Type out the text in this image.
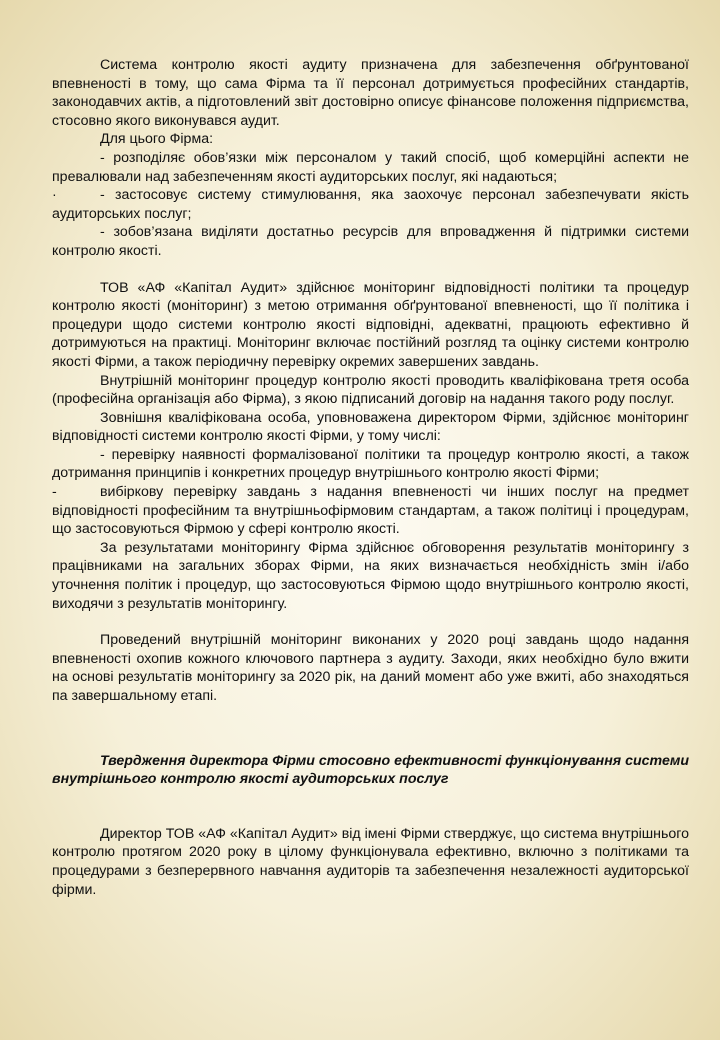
Система контролю якості аудиту призначена для забезпечення обґрунтованої впевненості в тому, що сама Фірма та її персонал дотримується професійних стандартів, законодавчих актів, а підготовлений звіт достовірно описує фінансове положення підприємства, стосовно якого виконувався аудит.

Для цього Фірма:

- розподіляє обов’язки між персоналом у такий спосіб, щоб комерційні аспекти не превалювали над забезпеченням якості аудиторських послуг, які надаються;

·	- застосовує систему стимулювання, яка заохочує персонал забезпечувати якість аудиторських послуг;

- зобов’язана виділяти достатньо ресурсів для впровадження й підтримки системи контролю якості.

ТОВ «АФ «Капітал Аудит» здійснює моніторинг відповідності політики та процедур контролю якості (моніторинг) з метою отримання обґрунтованої впевненості, що її політика і процедури щодо системи контролю якості відповідні, адекватні, працюють ефективно й дотримуються на практиці. Моніторинг включає постійний розгляд та оцінку системи контролю якості Фірми, а також періодичну перевірку окремих завершених завдань.

Внутрішній моніторинг процедур контролю якості проводить кваліфікована третя особа (професійна організація або Фірма), з якою підписаний договір на надання такого роду послуг.

Зовнішня кваліфікована особа, уповноважена директором Фірми, здійснює моніторинг відповідності системи контролю якості Фірми, у тому числі:

- перевірку наявності формалізованої політики та процедур контролю якості, а також дотримання принципів і конкретних процедур внутрішнього контролю якості Фірми;

-	вибіркову перевірку завдань з надання впевненості чи інших послуг на предмет відповідності професійним та внутрішньофірмовим стандартам, а також політиці і процедурам, що застосовуються Фірмою у сфері контролю якості.

За результатами моніторингу Фірма здійснює обговорення результатів моніторингу з працівниками на загальних зборах Фірми, на яких визначається необхідність змін і/або уточнення політик і процедур, що застосовуються Фірмою щодо внутрішнього контролю якості, виходячи з результатів моніторингу.

Проведений внутрішній моніторинг виконаних у 2020 році завдань щодо надання впевненості охопив кожного ключового партнера з аудиту. Заходи, яких необхідно було вжити на основі результатів моніторингу за 2020 рік, на даний момент або уже вжиті, або знаходяться па завершальному етапі.

Твердження директора Фірми стосовно ефективності функціонування системи внутрішнього контролю якості аудиторських послуг

Директор ТОВ «АФ «Капітал Аудит» від імені Фірми стверджує, що система внутрішнього контролю протягом 2020 року в цілому функціонувала ефективно, включно з політиками та процедурами з безперервного навчання аудиторів та забезпечення незалежності аудиторської фірми.
